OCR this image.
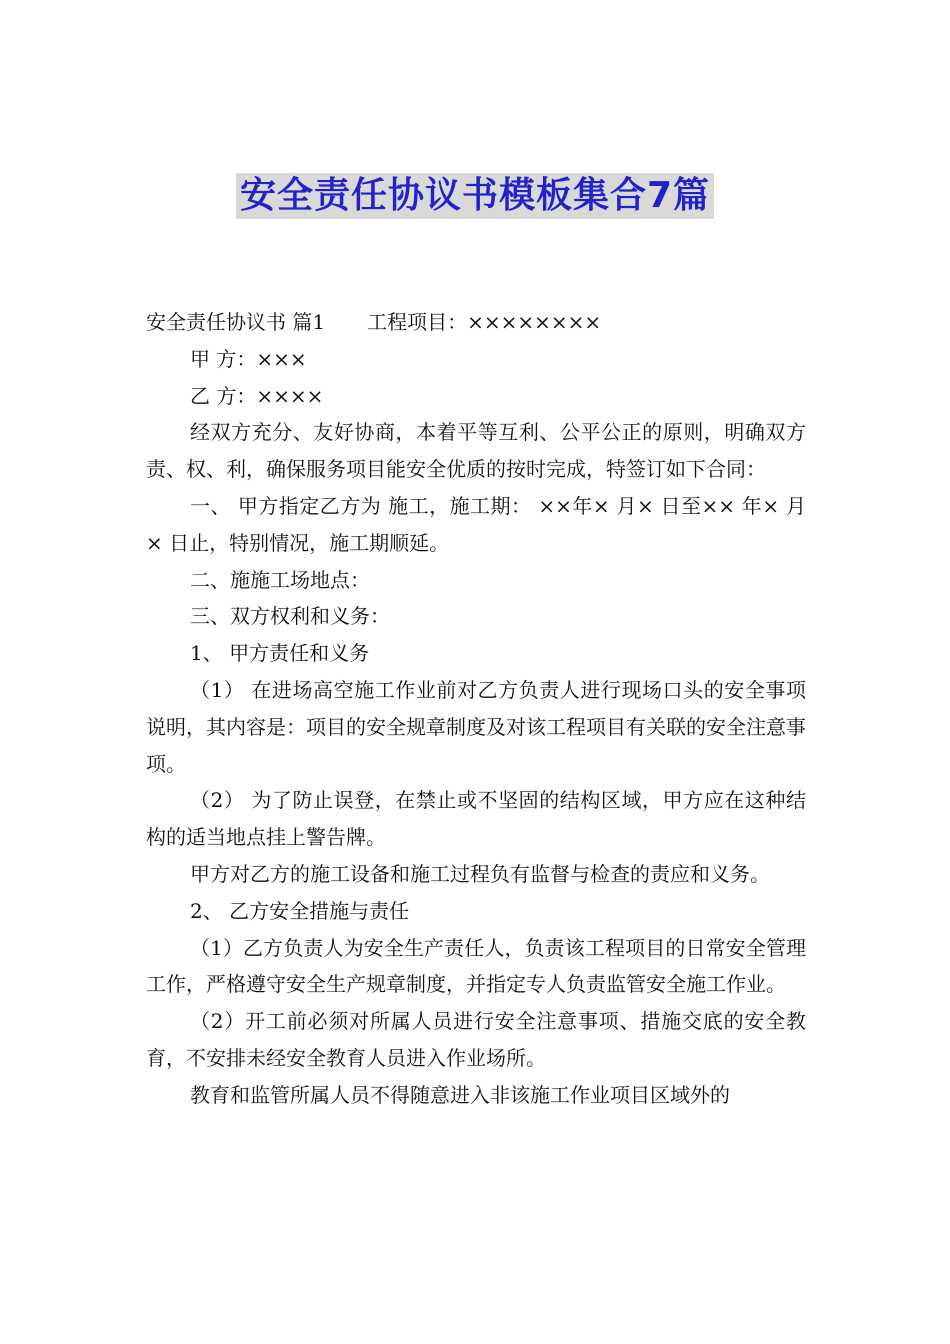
安全责任协议书模板集合7篇

安全责任协议书 篇1 工程项目：××××××××

甲 方：×××

乙 方：××××

经双方充分、友好协商，本着平等互利、公平公正的原则，明确双方责、权、利，确保服务项目能安全优质的按时完成，特签订如下合同：

一、 甲方指定乙方为 施工，施工期： ××年× 月× 日至×× 年× 月× 日止，特别情况，施工期顺延。

二、施施工场地点：

三、双方权利和义务：

1、 甲方责任和义务

（1） 在进场高空施工作业前对乙方负责人进行现场口头的安全事项说明，其内容是：项目的安全规章制度及对该工程项目有关联的安全注意事项。

（2） 为了防止误登，在禁止或不坚固的结构区域，甲方应在这种结构的适当地点挂上警告牌。

甲方对乙方的施工设备和施工过程负有监督与检查的责应和义务。

2、 乙方安全措施与责任

（1）乙方负责人为安全生产责任人，负责该工程项目的日常安全管理工作，严格遵守安全生产规章制度，并指定专人负责监管安全施工作业。

（2）开工前必须对所属人员进行安全注意事项、措施交底的安全教育，不安排未经安全教育人员进入作业场所。

教育和监管所属人员不得随意进入非该施工作业项目区域外的
